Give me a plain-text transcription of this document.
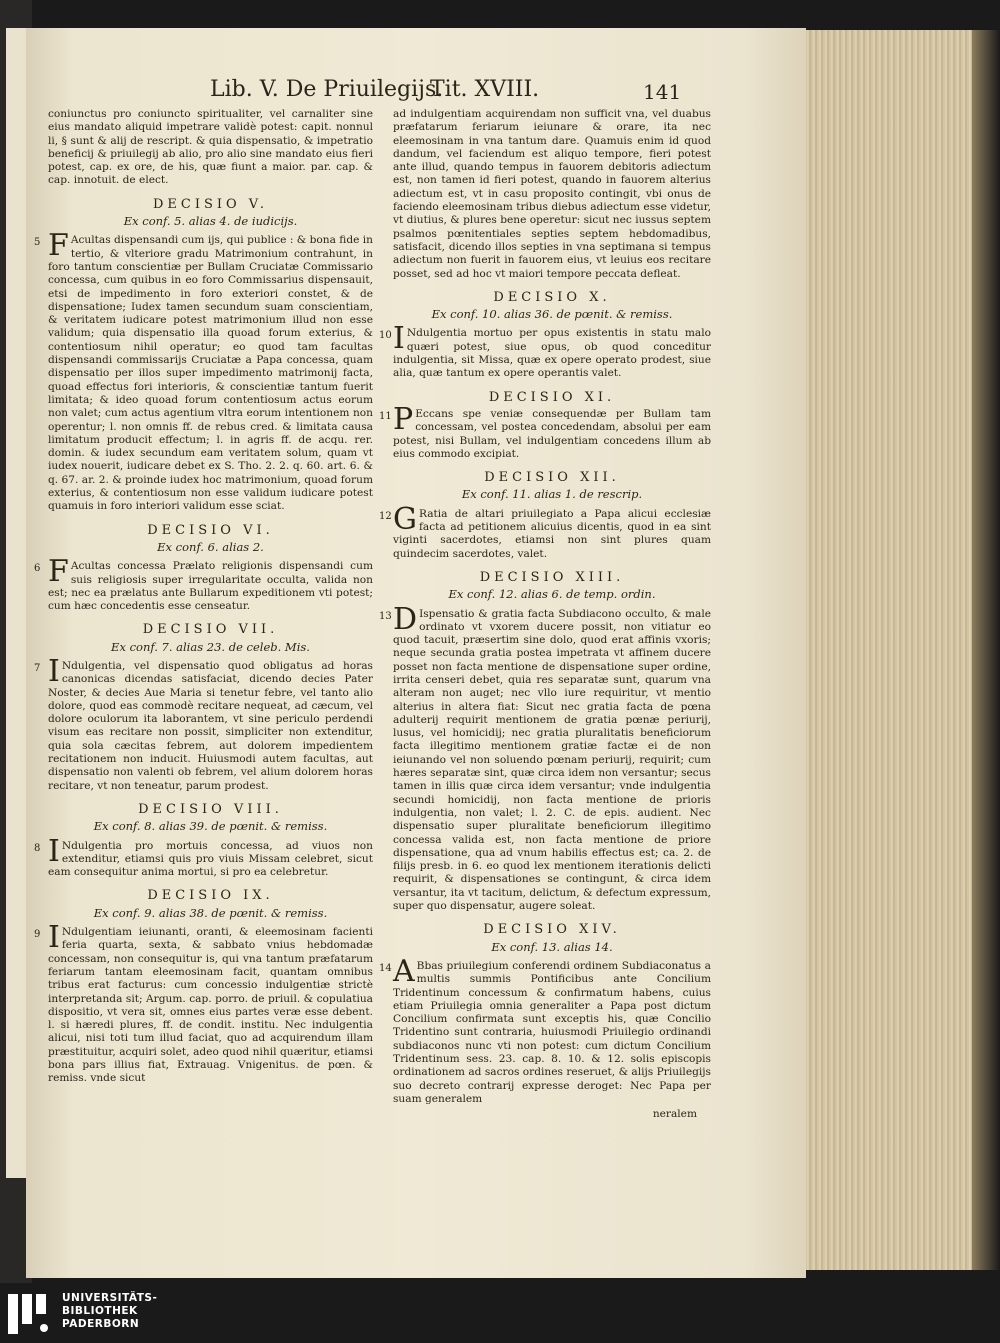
Lib. V. De Priuilegijs.
Tit. XVIII.	141

coniunctus pro coniuncto spiritualiter, vel carnaliter sine eius mandato aliquid impetrare validè potest: capit. nonnul li, § sunt & alij de rescript. & quia dispensatio, & impetratio beneficij & priuilegij ab alio, pro alio sine mandato eius fieri potest, cap. ex ore, de his, quæ fiunt a maior. par. cap. & cap. innotuit. de elect.

DECISIO V.
Ex conf. 5. alias 4. de iudicijs.
5 F Acultas dispensandi cum ijs, qui publice : & bona fide in tertio, & vlteriore gradu Matrimonium contrahunt, in foro tantum conscientiæ per Bullam Cruciatæ Commissario concessa, cum quibus in eo foro Commissarius dispensauit, etsi de impedimento in foro exteriori constet, & de dispensatione; Iudex tamen secundum suam conscientiam, & veritatem iudicare potest matrimonium illud non esse validum; quia dispensatio illa quoad forum exterius, & contentiosum nihil operatur; eo quod tam facultas dispensandi commissarijs Cruciatæ a Papa concessa, quam dispensatio per illos super impedimento matrimonij facta, quoad effectus fori interioris, & conscientiæ tantum fuerit limitata; & ideo quoad forum contentiosum actus eorum non valet; cum actus agentium vltra eorum intentionem non operentur; l. non omnis ff. de rebus cred. & limitata causa limitatum producit effectum; l. in agris ff. de acqu. rer. domin. & iudex secundum eam veritatem solum, quam vt iudex nouerit, iudicare debet ex S. Tho. 2. 2. q. 60. art. 6. & q. 67. ar. 2. & proinde iudex hoc matrimonium, quoad forum exterius, & contentiosum non esse validum iudicare potest quamuis in foro interiori validum esse sciat.

DECISIO VI.
Ex conf. 6. alias 2.
6 F Acultas concessa Prælato religionis dispensandi cum suis religiosis super irregularitate occulta, valida non est; nec ea prælatus ante Bullarum expeditionem vti potest; cum hæc concedentis esse censeatur.

DECISIO VII.
Ex conf. 7. alias 23. de celeb. Mis.
7 I Ndulgentia, vel dispensatio quod obligatus ad horas canonicas dicendas satisfaciat, dicendo decies Pater Noster, & decies Aue Maria si tenetur febre, vel tanto alio dolore, quod eas commodè recitare nequeat, ad cæcum, vel dolore oculorum ita laborantem, vt sine periculo perdendi visum eas recitare non possit, simpliciter non extenditur, quia sola cæcitas febrem, aut dolorem impedientem recitationem non inducit. Huiusmodi autem facultas, aut dispensatio non valenti ob febrem, vel alium dolorem horas recitare, vt non teneatur, parum prodest.

DECISIO VIII.
Ex conf. 8. alias 39. de pœnit. & remiss.
8 I Ndulgentia pro mortuis concessa, ad viuos non extenditur, etiamsi quis pro viuis Missam celebret, sicut eam consequitur anima mortui, si pro ea celebretur.

DECISIO IX.
Ex conf. 9. alias 38. de pœnit. & remiss.
9 I Ndulgentiam ieiunanti, oranti, & eleemosinam facienti feria quarta, sexta, & sabbato vnius hebdomadæ concessam, non consequitur is, qui vna tantum præfatarum feriarum tantam eleemosinam facit, quantam omnibus tribus erat facturus: cum concessio indulgentiæ strictè interpretanda sit; Argum. cap. porro. de priuil. & copulatiua dispositio, vt vera sit, omnes eius partes veræ esse debent. l. si hæredi plures, ff. de condit. institu. Nec indulgentia alicui, nisi toti tum illud faciat, quo ad acquirendum illam præstituitur, acquiri solet, adeo quod nihil quæritur, etiamsi bona pars illius fiat, Extrauag. Vnigenitus. de pœn. & remiss. vnde sicut

ad indulgentiam acquirendam non sufficit vna, vel duabus præfatarum feriarum ieiunare & orare, ita nec eleemosinam in vna tantum dare. Quamuis enim id quod dandum, vel faciendum est aliquo tempore, fieri potest ante illud, quando tempus in fauorem debitoris adiectum est, non tamen id fieri potest, quando in fauorem alterius adiectum est, vt in casu proposito contingit, vbi onus de faciendo eleemosinam tribus diebus adiectum esse videtur, vt diutius, & plures bene operetur: sicut nec iussus septem psalmos pœnitentiales septies septem hebdomadibus, satisfacit, dicendo illos septies in vna septimana si tempus adiectum non fuerit in fauorem eius, vt leuius eos recitare posset, sed ad hoc vt maiori tempore peccata defleat.

DECISIO X.
Ex conf. 10. alias 36. de pœnit. & remiss.
10 I Ndulgentia mortuo per opus existentis in statu malo quæri potest, siue opus, ob quod conceditur indulgentia, sit Missa, quæ ex opere operato prodest, siue alia, quæ tantum ex opere operantis valet.

DECISIO XI.
11 P Eccans spe veniæ consequendæ per Bullam tam concessam, vel postea concedendam, absolui per eam potest, nisi Bullam, vel indulgentiam concedens illum ab eius commodo excipiat.

DECISIO XII.
Ex conf. 11. alias 1. de rescrip.
12 G Ratia de altari priuilegiato a Papa alicui ecclesiæ facta ad petitionem alicuius dicentis, quod in ea sint viginti sacerdotes, etiamsi non sint plures quam quindecim sacerdotes, valet.

DECISIO XIII.
Ex conf. 12. alias 6. de temp. ordin.
13 D Ispensatio & gratia facta Subdiacono occulto, & male ordinato vt vxorem ducere possit, non vitiatur eo quod tacuit, præsertim sine dolo, quod erat affinis vxoris; neque secunda gratia postea impetrata vt affinem ducere posset non facta mentione de dispensatione super ordine, irrita censeri debet, quia res separatæ sunt, quarum vna alteram non auget; nec vllo iure requiritur, vt mentio alterius in altera fiat: Sicut nec gratia facta de pœna adulterij requirit mentionem de gratia pœnæ periurij, lusus, vel homicidij; nec gratia pluralitatis beneficiorum facta illegitimo mentionem gratiæ factæ ei de non ieiunando vel non soluendo pœnam periurij, requirit; cum hæres separatæ sint, quæ circa idem non versantur; secus tamen in illis quæ circa idem versantur; vnde indulgentia secundi homicidij, non facta mentione de prioris indulgentia, non valet; l. 2. C. de epis. audient. Nec dispensatio super pluralitate beneficiorum illegitimo concessa valida est, non facta mentione de priore dispensatione, qua ad vnum habilis effectus est; ca. 2. de filijs presb. in 6. eo quod lex mentionem iterationis delicti requirit, & dispensationes se contingunt, & circa idem versantur, ita vt tacitum, delictum, & defectum expressum, super quo dispensatur, augere soleat.

DECISIO XIV.
Ex conf. 13. alias 14.
14 A Bbas priuilegium conferendi ordinem Subdiaconatus a multis summis Pontificibus ante Concilium Tridentinum concessum & confirmatum habens, cuius etiam Priuilegia omnia generaliter a Papa post dictum Concilium confirmata sunt exceptis his, quæ Concilio Tridentino sunt contraria, huiusmodi Priuilegio ordinandi subdiaconos nunc vti non potest: cum dictum Concilium Tridentinum sess. 23. cap. 8. 10. & 12. solis episcopis ordinationem ad sacros ordines reseruet, & alijs Priuilegijs suo decreto contrarij expresse deroget: Nec Papa per suam generalem

neralem

UNIVERSITÄTS-
BIBLIOTHEK
PADERBORN
